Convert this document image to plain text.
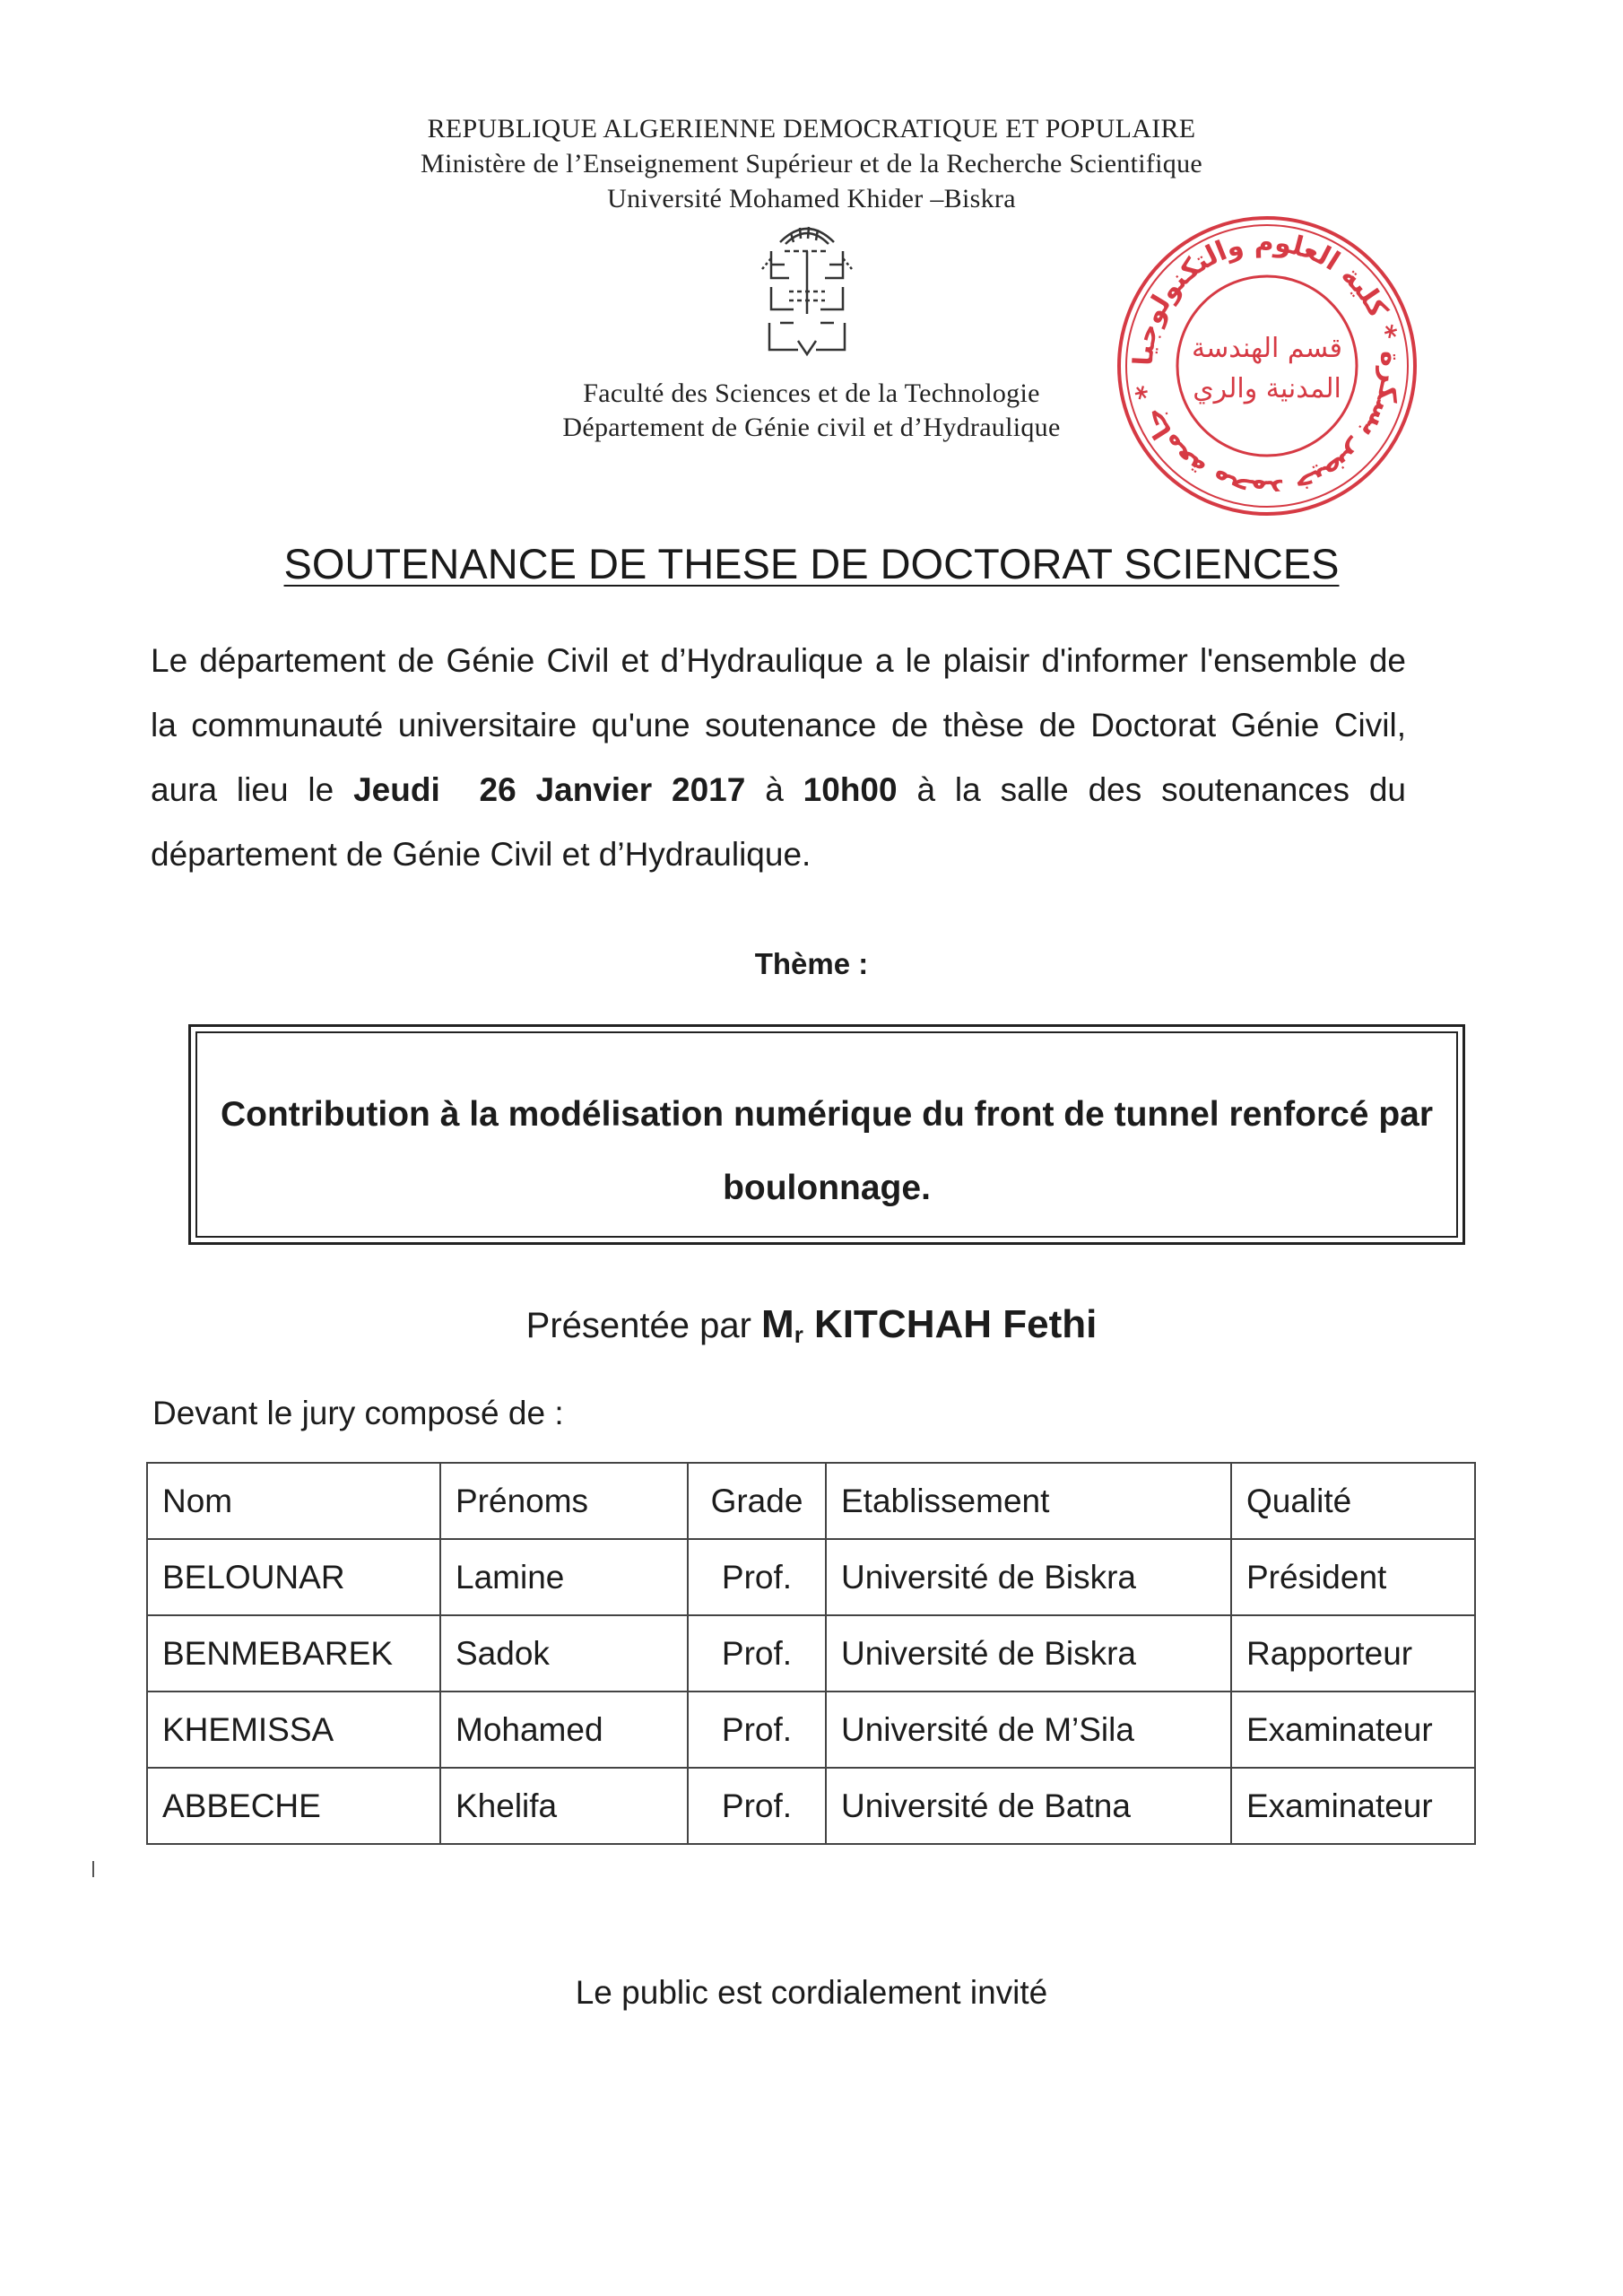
REPUBLIQUE ALGERIENNE DEMOCRATIQUE ET POPULAIRE
Ministère de l’Enseignement Supérieur et de la Recherche Scientifique
Université Mohamed Khider –Biskra
Faculté des Sciences et de la Technologie
Département de Génie civil et d’Hydraulique
جامعة محمد خيضر بسكرة * كلية العلوم والتكنولوجيا *
قسم الهندسة
المدنية والري
SOUTENANCE DE THESE DE DOCTORAT SCIENCES
Le département de Génie Civil et d’Hydraulique a le plaisir d'informer l'ensemble de la communauté universitaire qu'une soutenance de thèse de Doctorat Génie Civil, aura lieu le Jeudi 26 Janvier 2017 à 10h00 à la salle des soutenances du département de Génie Civil et d’Hydraulique.
Thème :
Contribution à la modélisation numérique du front de tunnel renforcé par boulonnage.
Présentée par $M_r$ KITCHAH Fethi
Devant le jury composé de :
Nom	Prénoms	Grade	Etablissement	Qualité
BELOUNAR	Lamine	Prof.	Université de Biskra	Président
BENMEBAREK	Sadok	Prof.	Université de Biskra	Rapporteur
KHEMISSA	Mohamed	Prof.	Université de M’Sila	Examinateur
ABBECHE	Khelifa	Prof.	Université de Batna	Examinateur
Le public est cordialement invité
